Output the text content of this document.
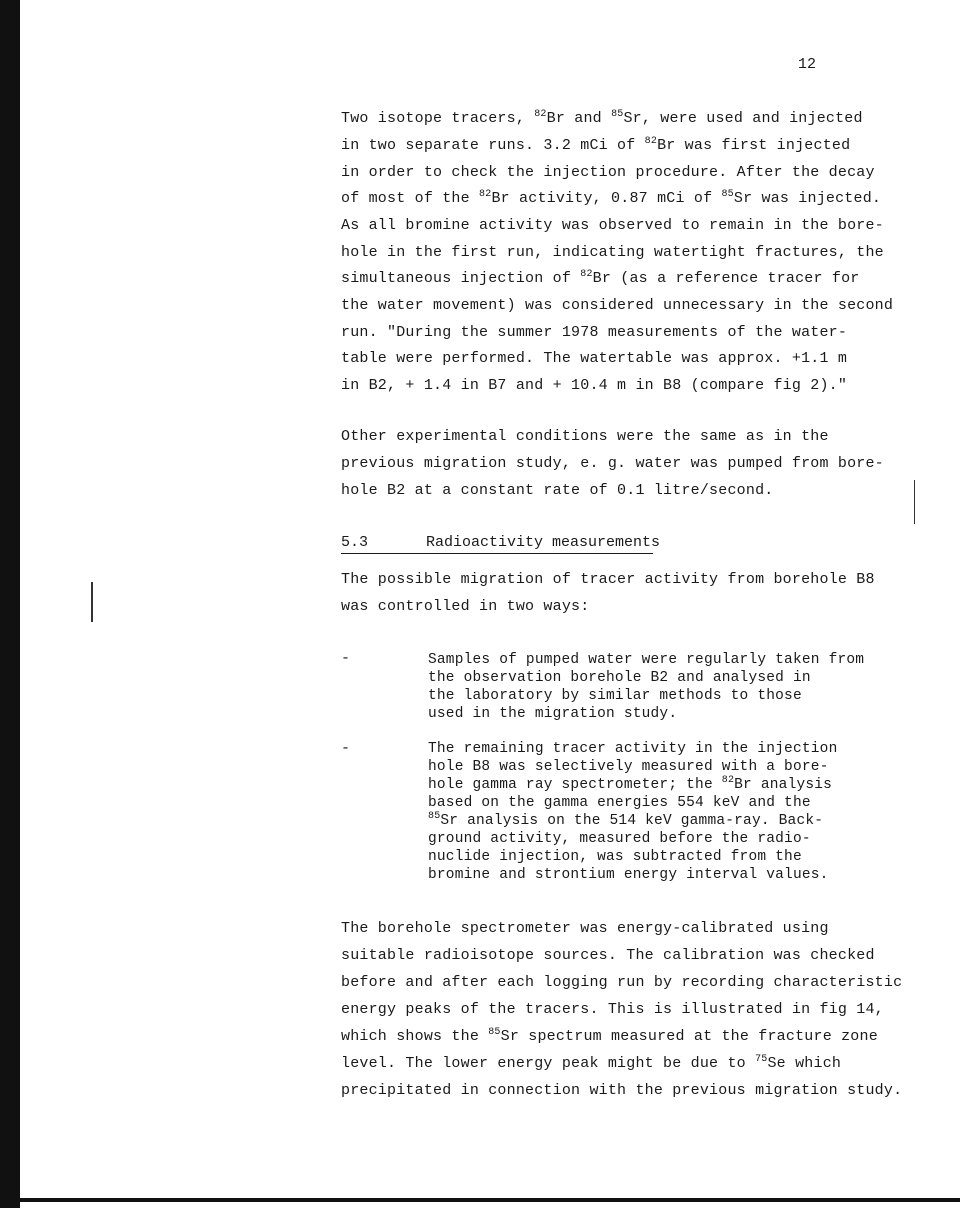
12
Two isotope tracers, $^{82}$Br and $^{85}$Sr, were used and injected
in two separate runs. 3.2 mCi of $^{82}$Br was first injected
in order to check the injection procedure. After the decay
of most of the $^{82}$Br activity, 0.87 mCi of $^{85}$Sr was injected.
As all bromine activity was observed to remain in the bore-
hole in the first run, indicating watertight fractures, the
simultaneous injection of $^{82}$Br (as a reference tracer for
the water movement) was considered unnecessary in the second
run. "During the summer 1978 measurements of the water-
table were performed. The watertable was approx. +1.1 m
in B2, + 1.4 in B7 and + 10.4 m in B8 (compare fig 2)."
Other experimental conditions were the same as in the
previous migration study, e. g. water was pumped from bore-
hole B2 at a constant rate of 0.1 litre/second.
5.3	Radioactivity measurements
The possible migration of tracer activity from borehole B8
was controlled in two ways:
-	Samples of pumped water were regularly taken from
the observation borehole B2 and analysed in
the laboratory by similar methods to those
used in the migration study.
-	The remaining tracer activity in the injection
hole B8 was selectively measured with a bore-
hole gamma ray spectrometer; the $^{82}$Br analysis
based on the gamma energies 554 keV and the
$^{85}$Sr analysis on the 514 keV gamma-ray. Back-
ground activity, measured before the radio-
nuclide injection, was subtracted from the
bromine and strontium energy interval values.
The borehole spectrometer was energy-calibrated using
suitable radioisotope sources. The calibration was checked
before and after each logging run by recording characteristic
energy peaks of the tracers. This is illustrated in fig 14,
which shows the $^{85}$Sr spectrum measured at the fracture zone
level. The lower energy peak might be due to $^{75}$Se which
precipitated in connection with the previous migration study.
